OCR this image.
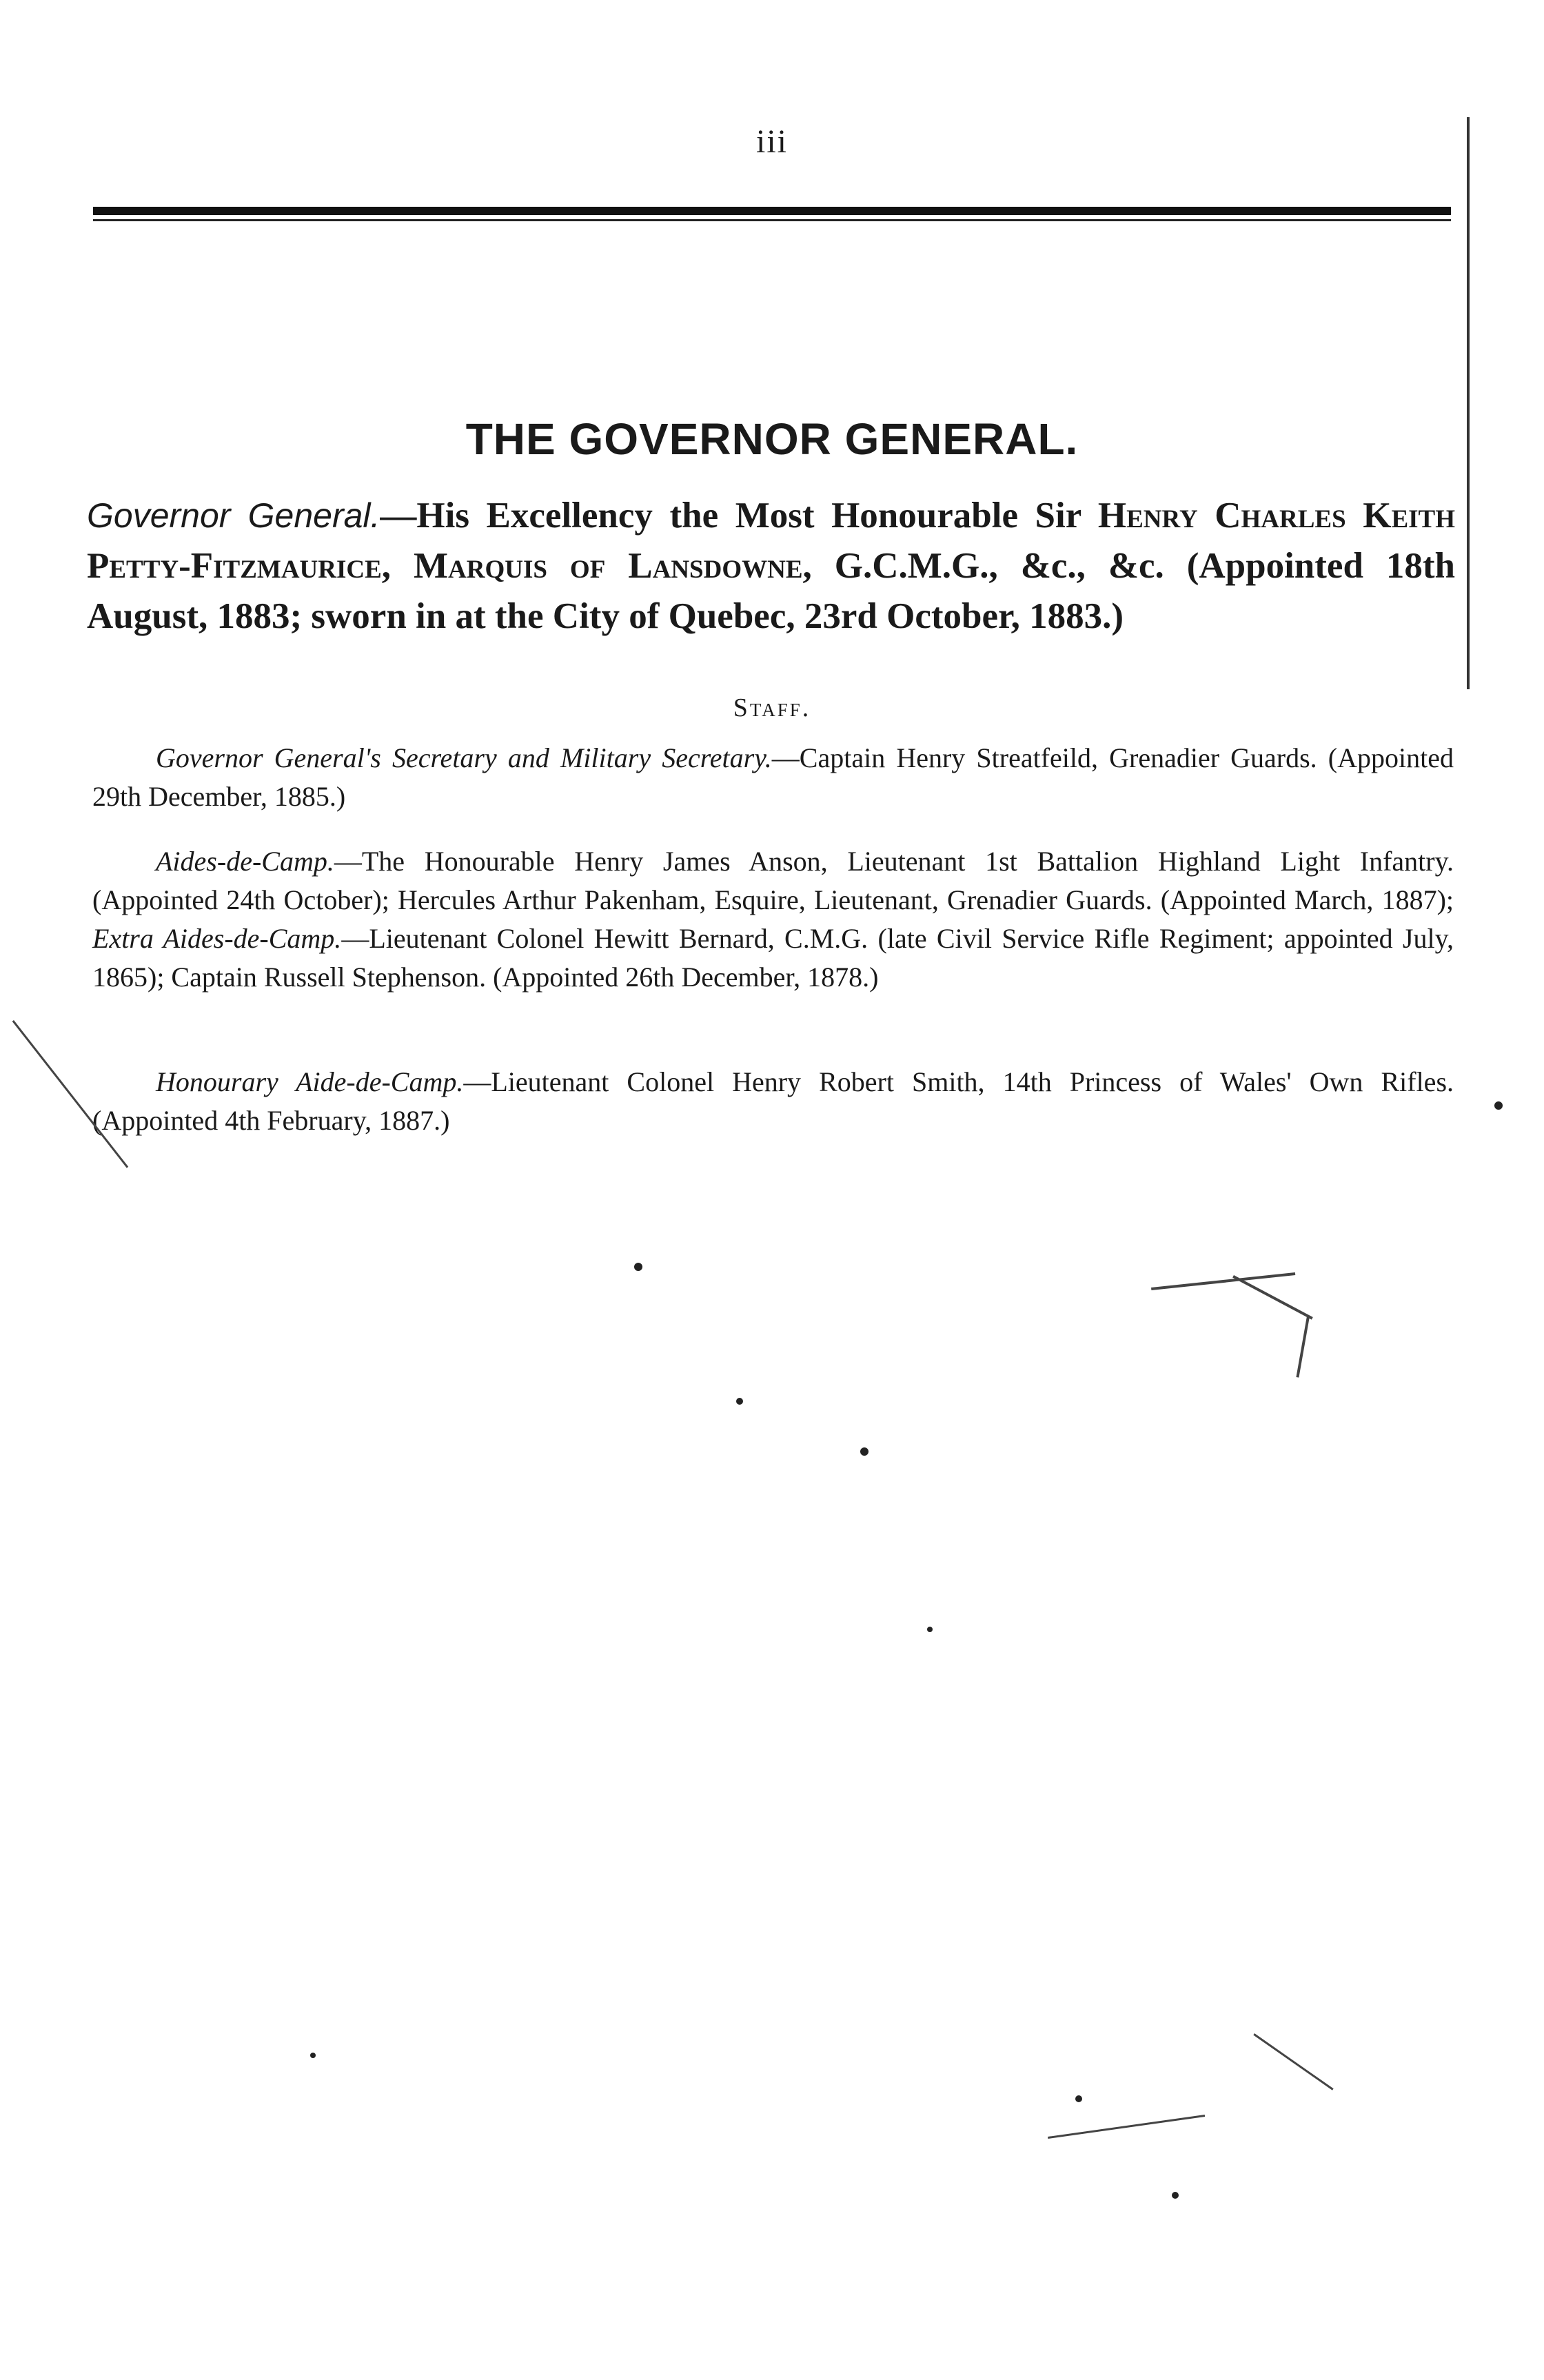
iii
THE GOVERNOR GENERAL.
Governor General.—His Excellency the Most Honourable Sir Henry Charles Keith Petty-Fitzmaurice, Marquis of Lansdowne, G.C.M.G., &c., &c. (Appointed 18th August, 1883; sworn in at the City of Quebec, 23rd October, 1883.)
Staff.
Governor General's Secretary and Military Secretary.—Captain Henry Streatfeild, Grenadier Guards. (Appointed 29th December, 1885.)
Aides-de-Camp.—The Honourable Henry James Anson, Lieutenant 1st Battalion Highland Light Infantry. (Appointed 24th October); Hercules Arthur Pakenham, Esquire, Lieutenant, Grenadier Guards. (Appointed March, 1887); Extra Aides-de-Camp.—Lieutenant Colonel Hewitt Bernard, C.M.G. (late Civil Service Rifle Regiment; appointed July, 1865); Captain Russell Stephenson. (Appointed 26th December, 1878.)
Honourary Aide-de-Camp.—Lieutenant Colonel Henry Robert Smith, 14th Princess of Wales' Own Rifles. (Appointed 4th February, 1887.)
